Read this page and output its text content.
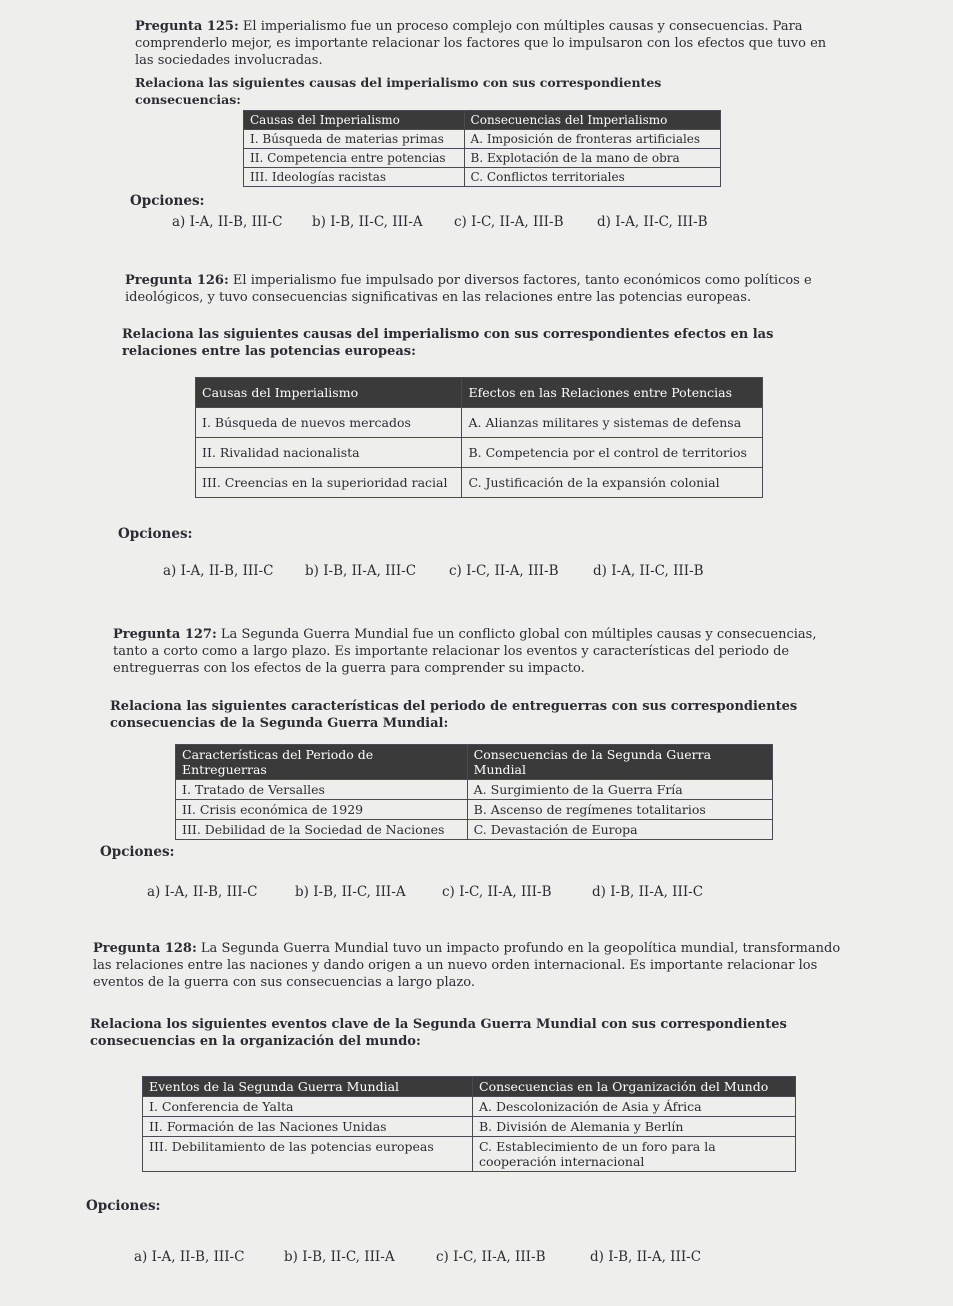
Pregunta 125: El imperialismo fue un proceso complejo con múltiples causas y consecuencias. Para comprenderlo mejor, es importante relacionar los factores que lo impulsaron con los efectos que tuvo en las sociedades involucradas.

Relaciona las siguientes causas del imperialismo con sus correspondientes consecuencias:

Causas del Imperialismo	Consecuencias del Imperialismo
I. Búsqueda de materias primas	A. Imposición de fronteras artificiales
II. Competencia entre potencias	B. Explotación de la mano de obra
III. Ideologías racistas	C. Conflictos territoriales
Opciones:
a) I-A, II-B, III-C	b) I-B, II-C, III-A	c) I-C, II-A, III-B	d) I-A, II-C, III-B

Pregunta 126: El imperialismo fue impulsado por diversos factores, tanto económicos como políticos e ideológicos, y tuvo consecuencias significativas en las relaciones entre las potencias europeas.

Relaciona las siguientes causas del imperialismo con sus correspondientes efectos en las relaciones entre las potencias europeas:

Causas del Imperialismo	Efectos en las Relaciones entre Potencias
I. Búsqueda de nuevos mercados	A. Alianzas militares y sistemas de defensa
II. Rivalidad nacionalista	B. Competencia por el control de territorios
III. Creencias en la superioridad racial	C. Justificación de la expansión colonial
Opciones:
a) I-A, II-B, III-C	b) I-B, II-A, III-C	c) I-C, II-A, III-B	d) I-A, II-C, III-B

Pregunta 127: La Segunda Guerra Mundial fue un conflicto global con múltiples causas y consecuencias, tanto a corto como a largo plazo. Es importante relacionar los eventos y características del periodo de entreguerras con los efectos de la guerra para comprender su impacto.

Relaciona las siguientes características del periodo de entreguerras con sus correspondientes consecuencias de la Segunda Guerra Mundial:

Características del Periodo de Entreguerras	Consecuencias de la Segunda Guerra Mundial
I. Tratado de Versalles	A. Surgimiento de la Guerra Fría
II. Crisis económica de 1929	B. Ascenso de regímenes totalitarios
III. Debilidad de la Sociedad de Naciones	C. Devastación de Europa
Opciones:
a) I-A, II-B, III-C	b) I-B, II-C, III-A	c) I-C, II-A, III-B	d) I-B, II-A, III-C

Pregunta 128: La Segunda Guerra Mundial tuvo un impacto profundo en la geopolítica mundial, transformando las relaciones entre las naciones y dando origen a un nuevo orden internacional. Es importante relacionar los eventos de la guerra con sus consecuencias a largo plazo.

Relaciona los siguientes eventos clave de la Segunda Guerra Mundial con sus correspondientes consecuencias en la organización del mundo:

Eventos de la Segunda Guerra Mundial	Consecuencias en la Organización del Mundo
I. Conferencia de Yalta	A. Descolonización de Asia y África
II. Formación de las Naciones Unidas	B. División de Alemania y Berlín
III. Debilitamiento de las potencias europeas	C. Establecimiento de un foro para la cooperación internacional
Opciones:
a) I-A, II-B, III-C	b) I-B, II-C, III-A	c) I-C, II-A, III-B	d) I-B, II-A, III-C
